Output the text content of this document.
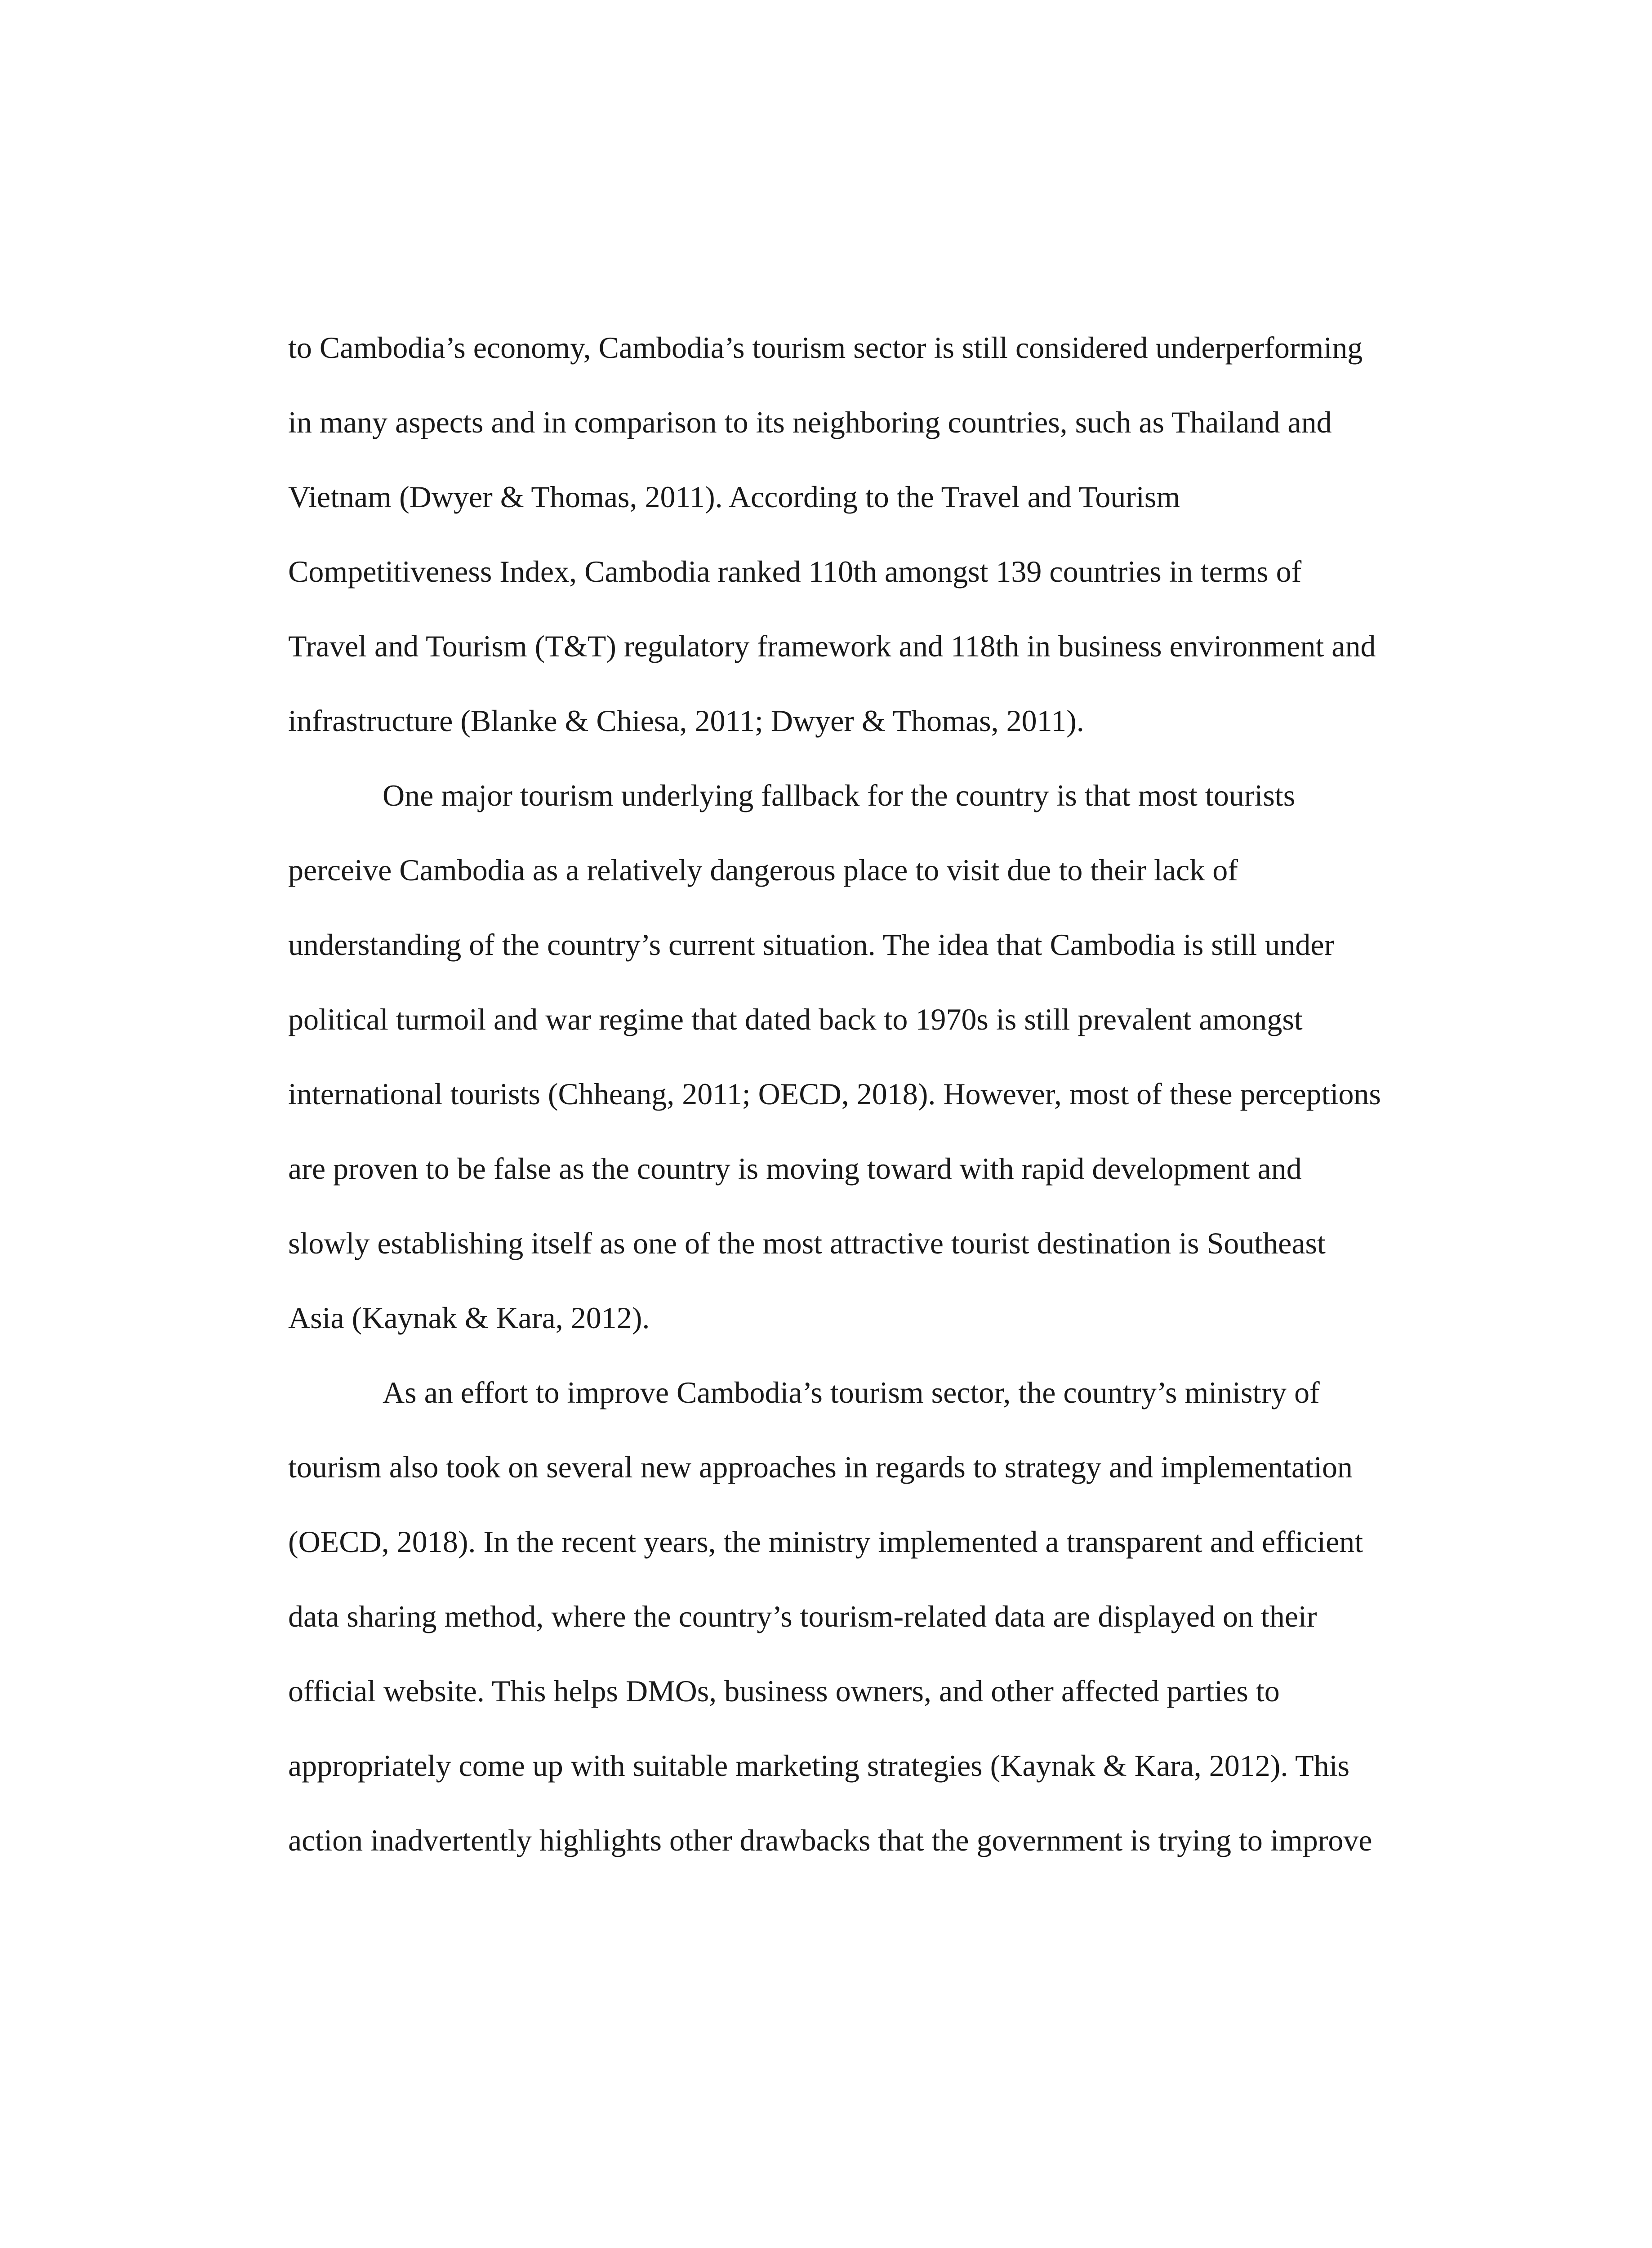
to Cambodia’s economy, Cambodia’s tourism sector is still considered underperforming
in many aspects and in comparison to its neighboring countries, such as Thailand and
Vietnam (Dwyer & Thomas, 2011). According to the Travel and Tourism
Competitiveness Index, Cambodia ranked 110th amongst 139 countries in terms of
Travel and Tourism (T&T) regulatory framework and 118th in business environment and
infrastructure (Blanke & Chiesa, 2011; Dwyer & Thomas, 2011).
One major tourism underlying fallback for the country is that most tourists
perceive Cambodia as a relatively dangerous place to visit due to their lack of
understanding of the country’s current situation. The idea that Cambodia is still under
political turmoil and war regime that dated back to 1970s is still prevalent amongst
international tourists (Chheang, 2011; OECD, 2018). However, most of these perceptions
are proven to be false as the country is moving toward with rapid development and
slowly establishing itself as one of the most attractive tourist destination is Southeast
Asia (Kaynak & Kara, 2012).
As an effort to improve Cambodia’s tourism sector, the country’s ministry of
tourism also took on several new approaches in regards to strategy and implementation
(OECD, 2018). In the recent years, the ministry implemented a transparent and efficient
data sharing method, where the country’s tourism-related data are displayed on their
official website. This helps DMOs, business owners, and other affected parties to
appropriately come up with suitable marketing strategies (Kaynak & Kara, 2012). This
action inadvertently highlights other drawbacks that the government is trying to improve
